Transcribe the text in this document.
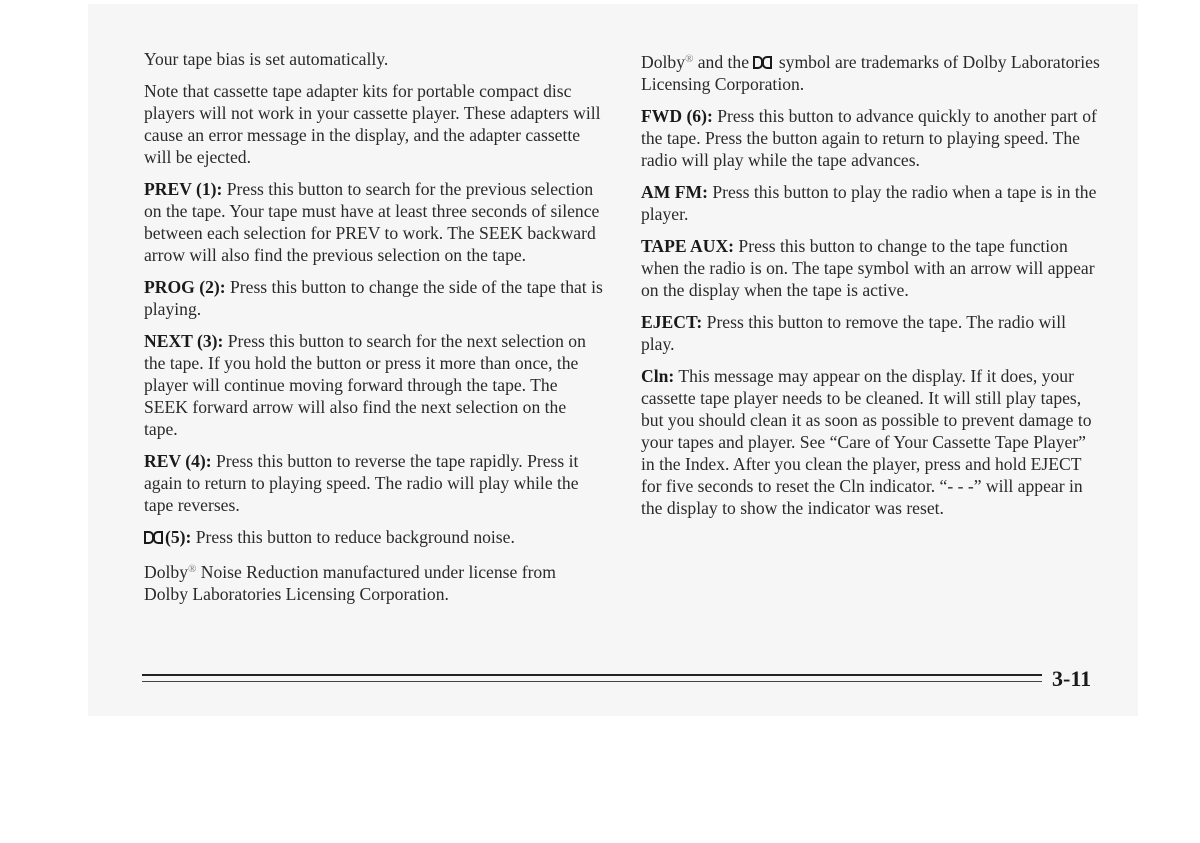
Your tape bias is set automatically.

Note that cassette tape adapter kits for portable compact disc players will not work in your cassette player. These adapters will cause an error message in the display, and the adapter cassette will be ejected.

PREV (1): Press this button to search for the previous selection on the tape. Your tape must have at least three seconds of silence between each selection for PREV to work. The SEEK backward arrow will also find the previous selection on the tape.

PROG (2): Press this button to change the side of the tape that is playing.

NEXT (3): Press this button to search for the next selection on the tape. If you hold the button or press it more than once, the player will continue moving forward through the tape. The SEEK forward arrow will also find the next selection on the tape.

REV (4): Press this button to reverse the tape rapidly. Press it again to return to playing speed. The radio will play while the tape reverses.

(5): Press this button to reduce background noise.

Dolby® Noise Reduction manufactured under license from Dolby Laboratories Licensing Corporation.

Dolby® and the  symbol are trademarks of Dolby Laboratories Licensing Corporation.

FWD (6): Press this button to advance quickly to another part of the tape. Press the button again to return to playing speed. The radio will play while the tape advances.

AM FM: Press this button to play the radio when a tape is in the player.

TAPE AUX: Press this button to change to the tape function when the radio is on. The tape symbol with an arrow will appear on the display when the tape is active.

EJECT: Press this button to remove the tape. The radio will play.

Cln: This message may appear on the display. If it does, your cassette tape player needs to be cleaned. It will still play tapes, but you should clean it as soon as possible to prevent damage to your tapes and player. See “Care of Your Cassette Tape Player” in the Index. After you clean the player, press and hold EJECT for five seconds to reset the Cln indicator. “- - -” will appear in the display to show the indicator was reset.

3-11
